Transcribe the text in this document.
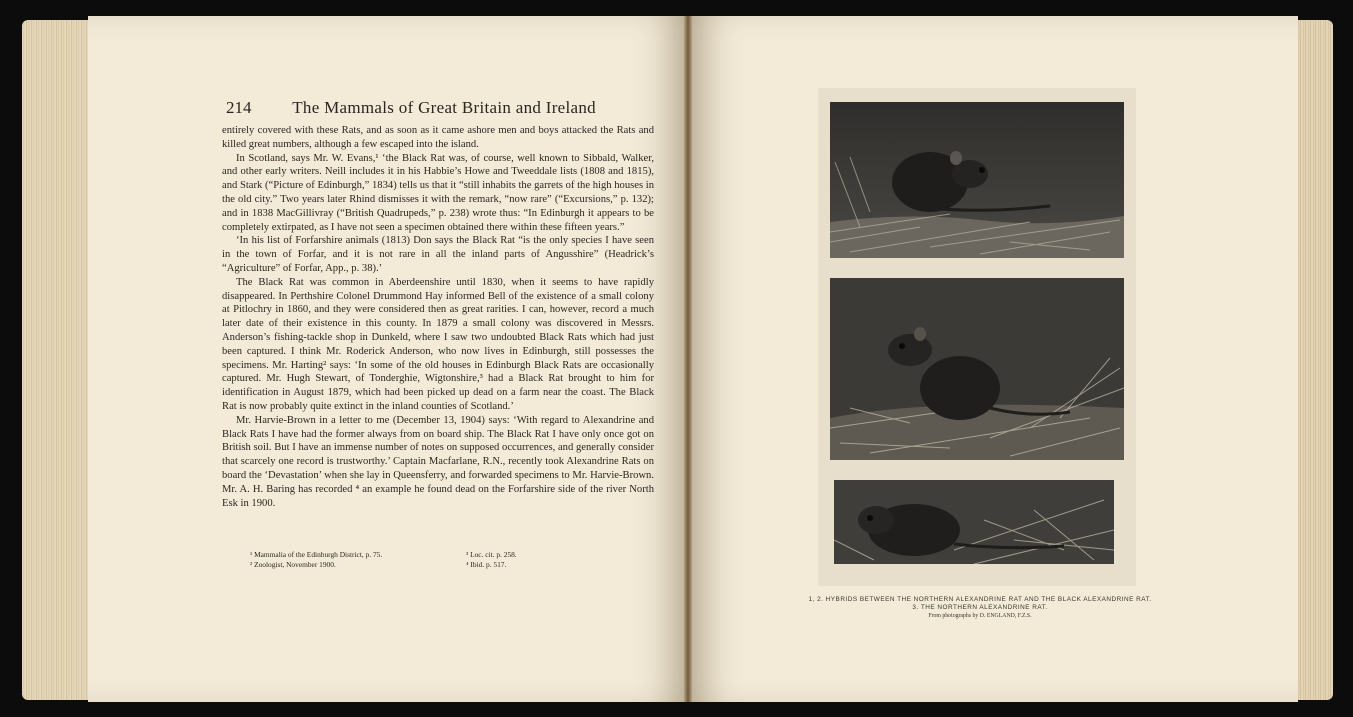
214 The Mammals of Great Britain and Ireland

entirely covered with these Rats, and as soon as it came ashore men and boys attacked the Rats and killed great numbers, although a few escaped into the island.

In Scotland, says Mr. W. Evans,¹ ‘the Black Rat was, of course, well known to Sibbald, Walker, and other early writers. Neill includes it in his Habbie’s Howe and Tweeddale lists (1808 and 1815), and Stark (“Picture of Edinburgh,” 1834) tells us that it “still inhabits the garrets of the high houses in the old city.” Two years later Rhind dismisses it with the remark, “now rare” (“Excursions,” p. 132); and in 1838 MacGillivray (“British Quadrupeds,” p. 238) wrote thus: “In Edinburgh it appears to be completely extirpated, as I have not seen a specimen obtained there within these fifteen years.”

‘In his list of Forfarshire animals (1813) Don says the Black Rat “is the only species I have seen in the town of Forfar, and it is not rare in all the inland parts of Angusshire” (Headrick’s “Agriculture” of Forfar, App., p. 38).’

The Black Rat was common in Aberdeenshire until 1830, when it seems to have rapidly disappeared. In Perthshire Colonel Drummond Hay informed Bell of the existence of a small colony at Pitlochry in 1860, and they were considered then as great rarities. I can, however, record a much later date of their existence in this county. In 1879 a small colony was discovered in Messrs. Anderson’s fishing-tackle shop in Dunkeld, where I saw two undoubted Black Rats which had just been captured. I think Mr. Roderick Anderson, who now lives in Edinburgh, still possesses the specimens. Mr. Harting² says: ‘In some of the old houses in Edinburgh Black Rats are occasionally captured. Mr. Hugh Stewart, of Tonderghie, Wigtonshire,³ had a Black Rat brought to him for identification in August 1879, which had been picked up dead on a farm near the coast. The Black Rat is now probably quite extinct in the inland counties of Scotland.’

Mr. Harvie-Brown in a letter to me (December 13, 1904) says: ‘With regard to Alexandrine and Black Rats I have had the former always from on board ship. The Black Rat I have only once got on British soil. But I have an immense number of notes on supposed occurrences, and generally consider that scarcely one record is trustworthy.’ Captain Macfarlane, R.N., recently took Alexandrine Rats on board the ‘Devastation’ when she lay in Queensferry, and forwarded specimens to Mr. Harvie-Brown. Mr. A. H. Baring has recorded ⁴ an example he found dead on the Forfarshire side of the river North Esk in 1900.

¹ Mammalia of the Edinburgh District, p. 75.
² Zoologist, November 1900.
³ Loc. cit. p. 258.
⁴ Ibid. p. 517.
1, 2. HYBRIDS BETWEEN THE NORTHERN ALEXANDRINE RAT AND THE BLACK ALEXANDRINE RAT.
3. THE NORTHERN ALEXANDRINE RAT.
From photographs by D. ENGLAND, F.Z.S.
